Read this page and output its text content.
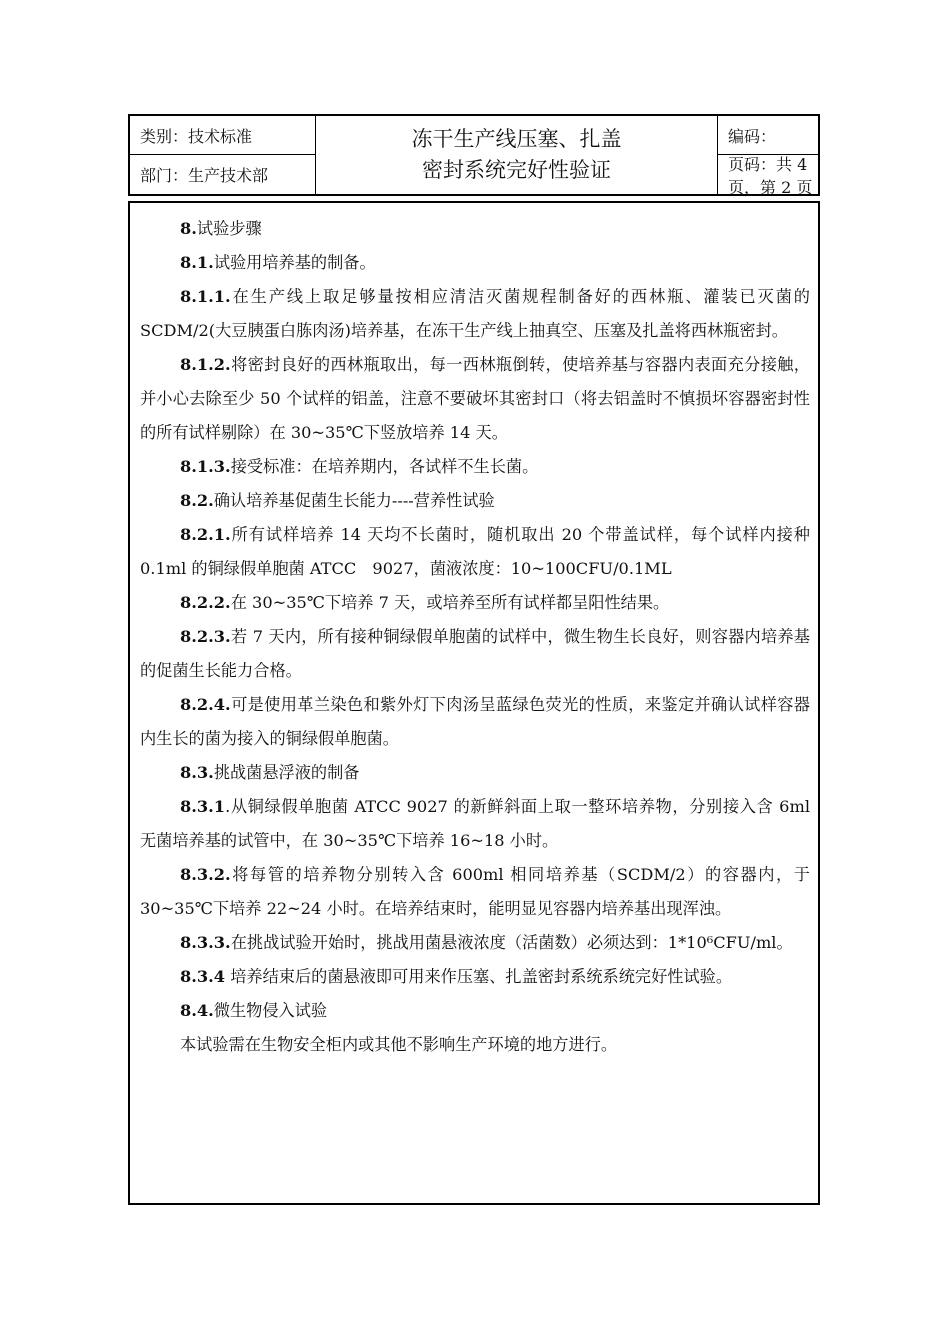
类别：技术标准
部门：生产技术部
冻干生产线压塞、扎盖
密封系统完好性验证
编码：
页码：共 4 页，第 2 页

8.试验步骤

8.1.试验用培养基的制备。

8.1.1.在生产线上取足够量按相应清洁灭菌规程制备好的西林瓶、灌装已灭菌的 SCDM/2(大豆胰蛋白胨肉汤)培养基，在冻干生产线上抽真空、压塞及扎盖将西林瓶密封。

8.1.2.将密封良好的西林瓶取出，每一西林瓶倒转，使培养基与容器内表面充分接触，并小心去除至少 50 个试样的铝盖，注意不要破坏其密封口（将去铝盖时不慎损坏容器密封性的所有试样剔除）在 30~35℃下竖放培养 14 天。

8.1.3.接受标准：在培养期内，各试样不生长菌。

8.2.确认培养基促菌生长能力----营养性试验

8.2.1.所有试样培养 14 天均不长菌时，随机取出 20 个带盖试样，每个试样内接种 0.1ml 的铜绿假单胞菌 ATCC　9027，菌液浓度：10~100CFU/0.1ML

8.2.2.在 30~35℃下培养 7 天，或培养至所有试样都呈阳性结果。

8.2.3.若 7 天内，所有接种铜绿假单胞菌的试样中，微生物生长良好，则容器内培养基的促菌生长能力合格。

8.2.4.可是使用革兰染色和紫外灯下肉汤呈蓝绿色荧光的性质，来鉴定并确认试样容器内生长的菌为接入的铜绿假单胞菌。

8.3.挑战菌悬浮液的制备

8.3.1.从铜绿假单胞菌 ATCC 9027 的新鲜斜面上取一整环培养物，分别接入含 6ml 无菌培养基的试管中，在 30~35℃下培养 16~18 小时。

8.3.2.将每管的培养物分别转入含 600ml 相同培养基（SCDM/2）的容器内，于 30~35℃下培养 22~24 小时。在培养结束时，能明显见容器内培养基出现浑浊。

8.3.3.在挑战试验开始时，挑战用菌悬液浓度（活菌数）必须达到：1*10⁶CFU/ml。

8.3.4 培养结束后的菌悬液即可用来作压塞、扎盖密封系统系统完好性试验。

8.4.微生物侵入试验

本试验需在生物安全柜内或其他不影响生产环境的地方进行。
